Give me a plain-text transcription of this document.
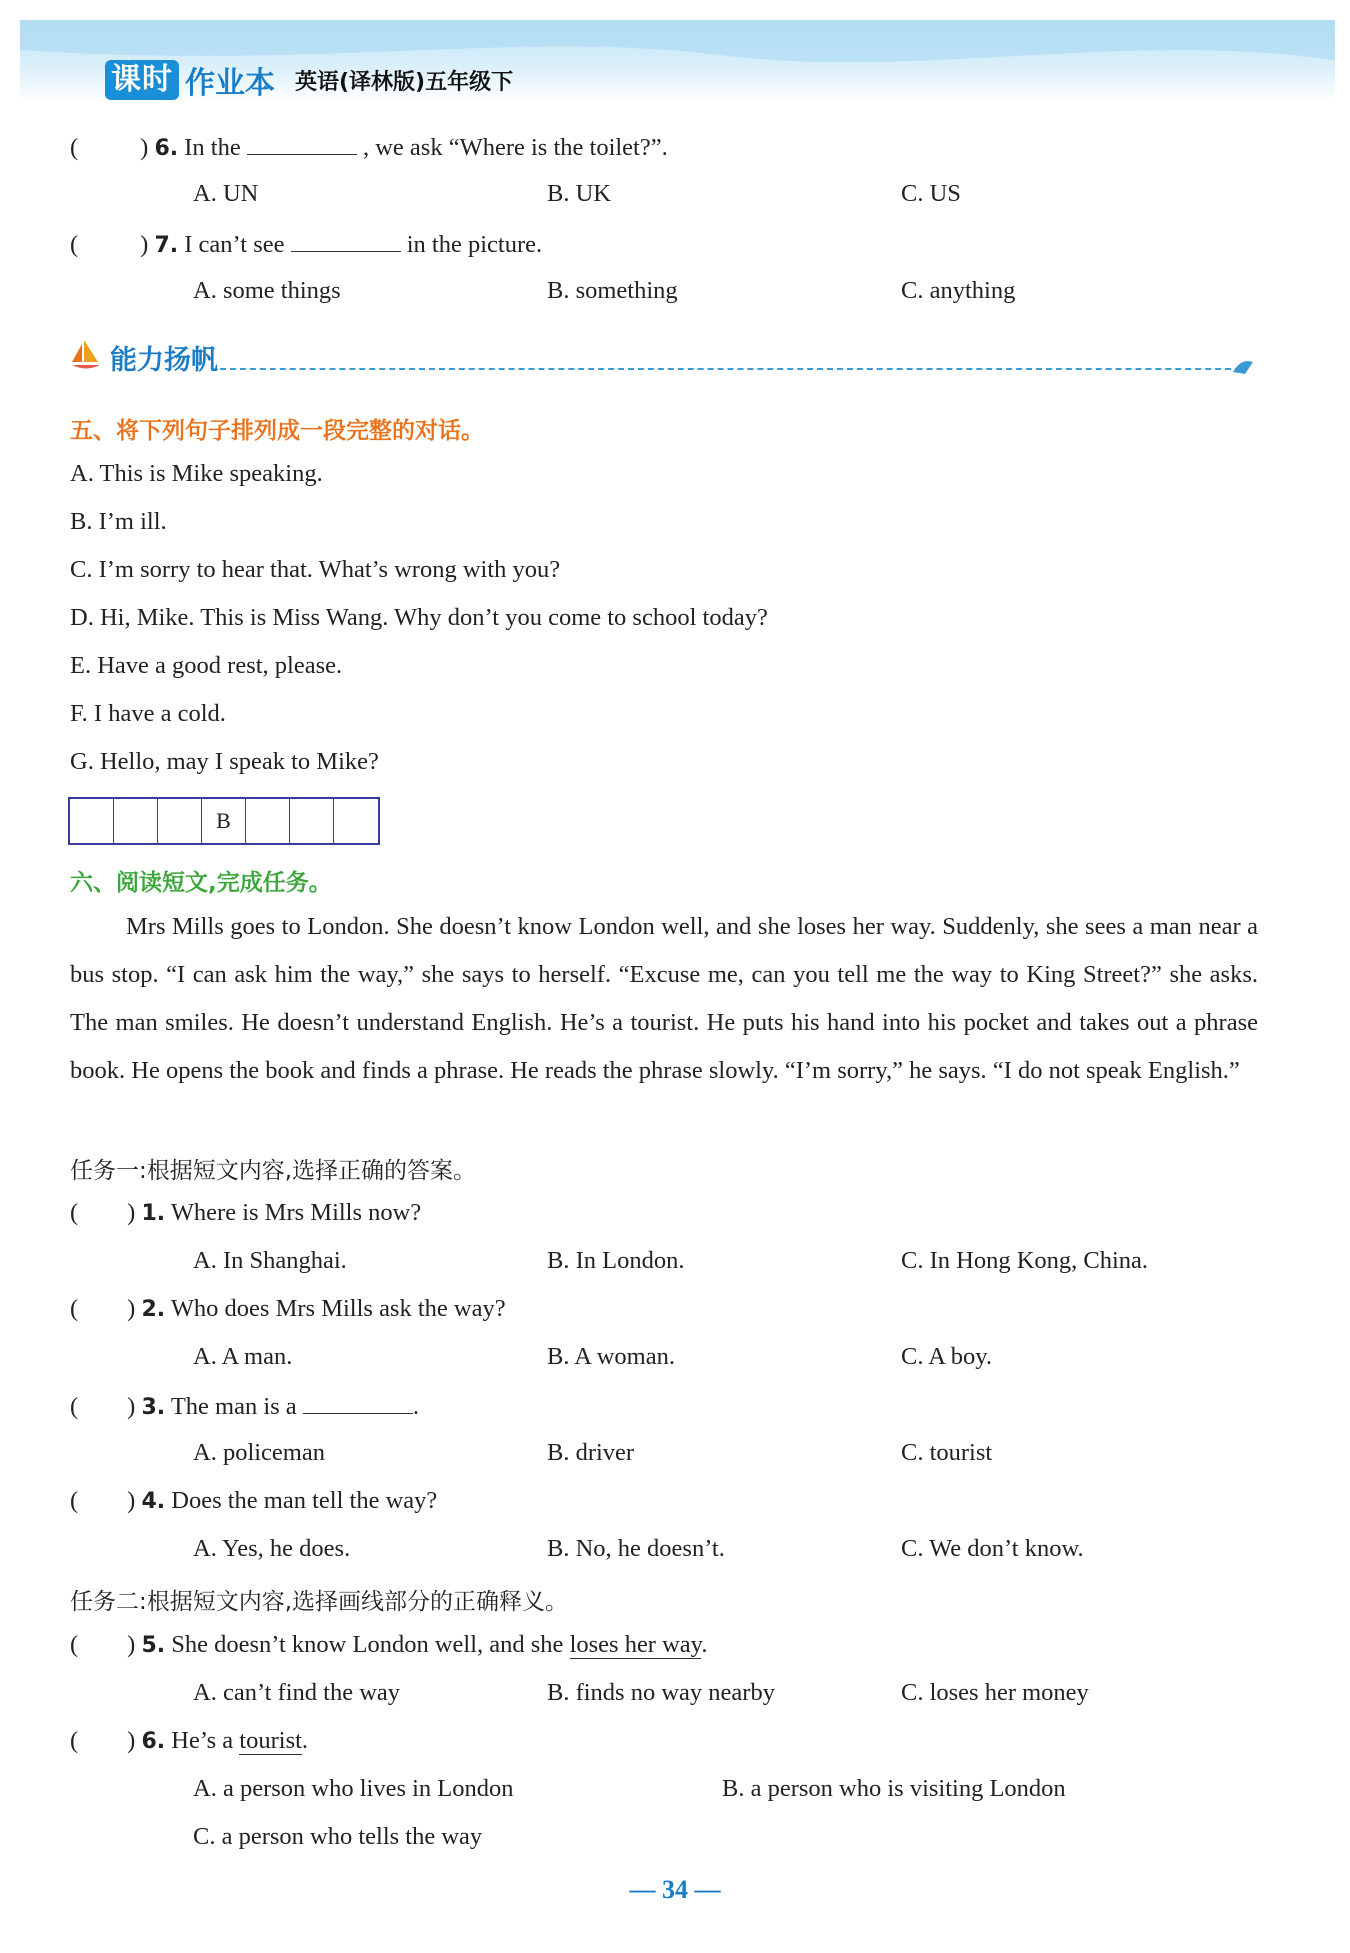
课时 作业本 英语(译林版)五年级下
(	) 6. In the	, we ask “Where is the toilet?”.
A. UN	B. UK	C. US
(	) 7. I can’t see	in the picture.
A. some things	B. something	C. anything
能力扬帆
五、将下列句子排列成一段完整的对话。
A. This is Mike speaking.
B. I’m ill.
C. I’m sorry to hear that. What’s wrong with you?
D. Hi, Mike. This is Miss Wang. Why don’t you come to school today?
E. Have a good rest, please.
F. I have a cold.
G. Hello, may I speak to Mike?
B
六、阅读短文,完成任务。
Mrs Mills goes to London. She doesn’t know London well, and she loses her way. Suddenly, she sees a man near a bus stop. “I can ask him the way,” she says to herself. “Excuse me, can you tell me the way to King Street?” she asks. The man smiles. He doesn’t understand English. He’s a tourist. He puts his hand into his pocket and takes out a phrase book. He opens the book and finds a phrase. He reads the phrase slowly. “I’m sorry,” he says. “I do not speak English.”
任务一:根据短文内容,选择正确的答案。
(        ) 1. Where is Mrs Mills now?
A. In Shanghai.	B. In London.	C. In Hong Kong, China.
(        ) 2. Who does Mrs Mills ask the way?
A. A man.	B. A woman.	C. A boy.
(        ) 3. The man is a	.
A. policeman	B. driver	C. tourist
(        ) 4. Does the man tell the way?
A. Yes, he does.	B. No, he doesn’t.	C. We don’t know.
任务二:根据短文内容,选择画线部分的正确释义。
(        ) 5. She doesn’t know London well, and she loses her way.
A. can’t find the way	B. finds no way nearby	C. loses her money
(        ) 6. He’s a tourist.
A. a person who lives in London	B. a person who is visiting London
C. a person who tells the way
— 34 —
